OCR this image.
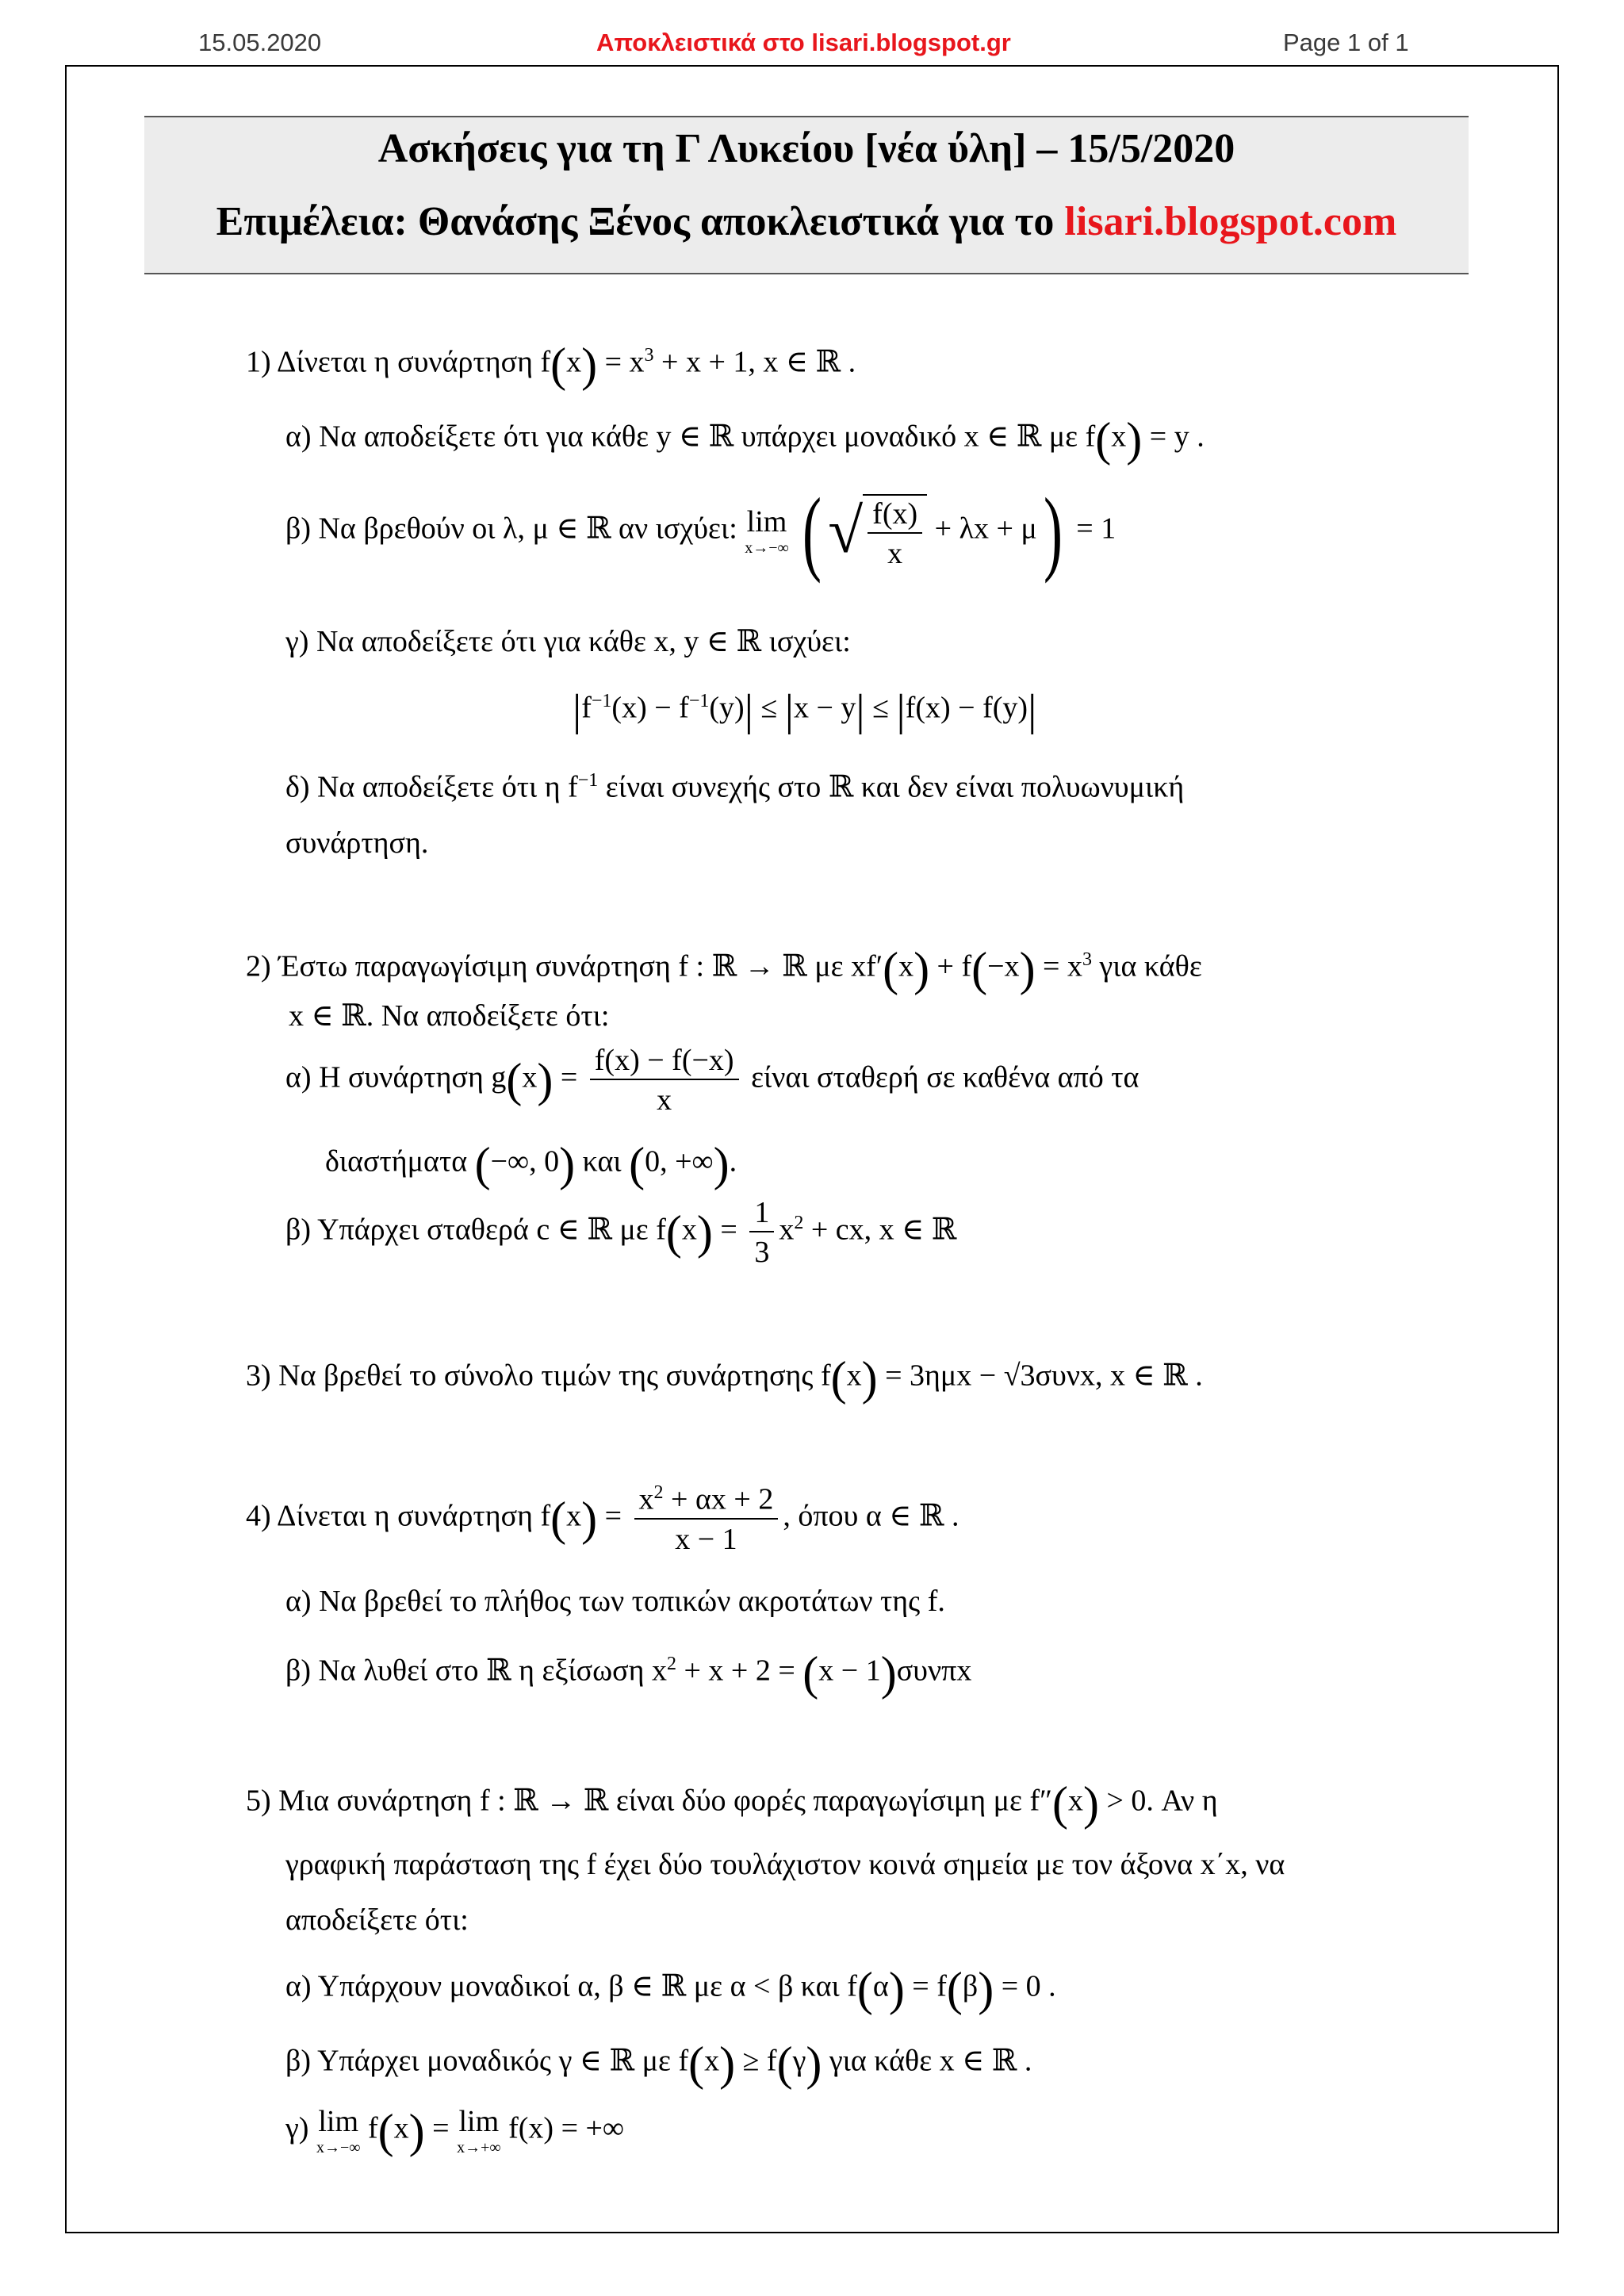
15.05.2020	Αποκλειστικά στο lisari.blogspot.gr	Page 1 of 1
Ασκήσεις για τη Γ Λυκείου [νέα ύλη] – 15/5/2020
Επιμέλεια: Θανάσης Ξένος αποκλειστικά για το lisari.blogspot.com
1) Δίνεται η συνάρτηση $f(x) = x^3 + x + 1$, x ∈ ℝ .
α) Να αποδείξετε ότι για κάθε y ∈ ℝ υπάρχει μοναδικό x ∈ ℝ με f(x) = y .
β) Να βρεθούν οι λ, μ ∈ ℝ αν ισχύει: lim
x→−∞ (√ $\frac{f(x)}{x} + \lambda x + \mu) = 1$
γ) Να αποδείξετε ότι για κάθε x, y ∈ ℝ ισχύει:
$|f^{-1}(x) - f^{-1}(y)| \le |x - y| \le |f(x) - f(y)|$
δ) Να αποδείξετε ότι η $f^{-1}$ είναι συνεχής στο ℝ και δεν είναι πολυωνυμική
συνάρτηση.
2) Έστω παραγωγίσιμη συνάρτηση f : ℝ → ℝ με $xf'(x) + f(-x) = x^3$ για κάθε
x ∈ ℝ. Να αποδείξετε ότι:
α) Η συνάρτηση $g(x) = \frac{f(x) - f(-x)}{x}$ είναι σταθερή σε καθένα από τα
διαστήματα (−∞, 0) και (0, +∞).
β) Υπάρχει σταθερά c ∈ ℝ με $f(x) = \frac{1}{3} x^2$ + cx, x ∈ ℝ
3) Να βρεθεί το σύνολο τιμών της συνάρτησης f(x) = 3ημx − √3συνx, x ∈ ℝ .
4) Δίνεται η συνάρτηση $f(x) = \frac{x^2 + \alpha x + 2}{x - 1}$ , όπου α ∈ ℝ .
α) Να βρεθεί το πλήθος των τοπικών ακροτάτων της f.
β) Να λυθεί στο ℝ η εξίσωση $x^2 + x + 2 = (x - 1)\sigma\upsilon\nu\pi x$
5) Μια συνάρτηση f : ℝ → ℝ είναι δύο φορές παραγωγίσιμη με f″(x) > 0. Αν η
γραφική παράσταση της f έχει δύο τουλάχιστον κοινά σημεία με τον άξονα x΄x, να
αποδείξετε ότι:
α) Υπάρχουν μοναδικοί α, β ∈ ℝ με α < β και f(α) = f(β) = 0 .
β) Υπάρχει μοναδικός γ ∈ ℝ με f(x) ≥ f(γ) για κάθε x ∈ ℝ .
γ) lim
x→−∞
f(x) = lim
x→+∞
f(x) = +∞
